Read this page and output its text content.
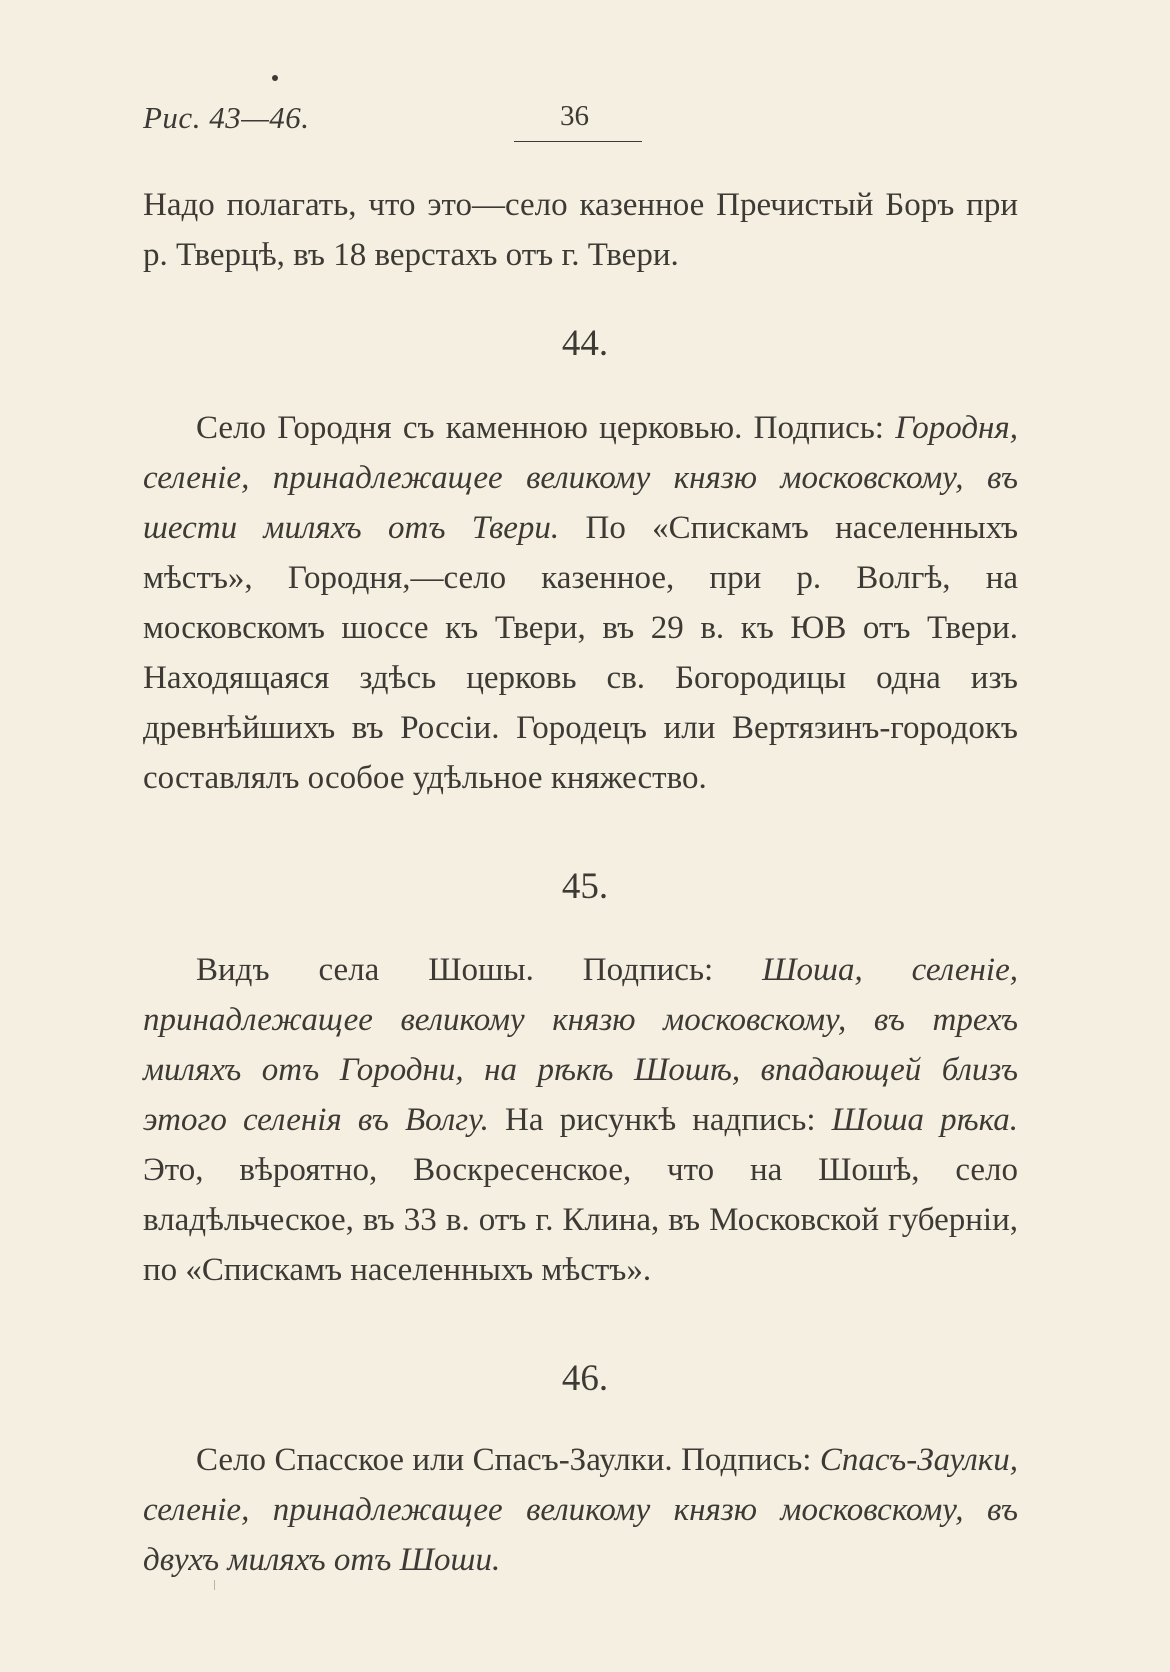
Рис. 43—46.	36
Надо полагать, что это—село казенное Пречистый Боръ при р. Тверцѣ, въ 18 верстахъ отъ г. Твери.
44.
Село Городня съ каменною церковью. Подпись: Городня, селеніе, принадлежащее великому князю московскому, въ шести миляхъ отъ Твери. По «Спискамъ населенныхъ мѣстъ», Городня,—село казенное, при р. Волгѣ, на московскомъ шоссе къ Твери, въ 29 в. къ ЮВ отъ Твери. Находящаяся здѣсь церковь св. Богородицы одна изъ древнѣйшихъ въ Россіи. Городецъ или Вертязинъ-городокъ составлялъ особое удѣльное княжество.
45.
Видъ села Шошы. Подпись: Шоша, селеніе, принадлежащее великому князю московскому, въ трехъ миляхъ отъ Городни, на рѣкѣ Шошѣ, впадающей близъ этого селенія въ Волгу. На рисункѣ надпись: Шоша рѣка. Это, вѣроятно, Воскресенское, что на Шошѣ, село владѣльческое, въ 33 в. отъ г. Клина, въ Московской губерніи, по «Спискамъ населенныхъ мѣстъ».
46.
Село Спасское или Спасъ-Заулки. Подпись: Спасъ-Заулки, селеніе, принадлежащее великому князю московскому, въ двухъ миляхъ отъ Шоши.
